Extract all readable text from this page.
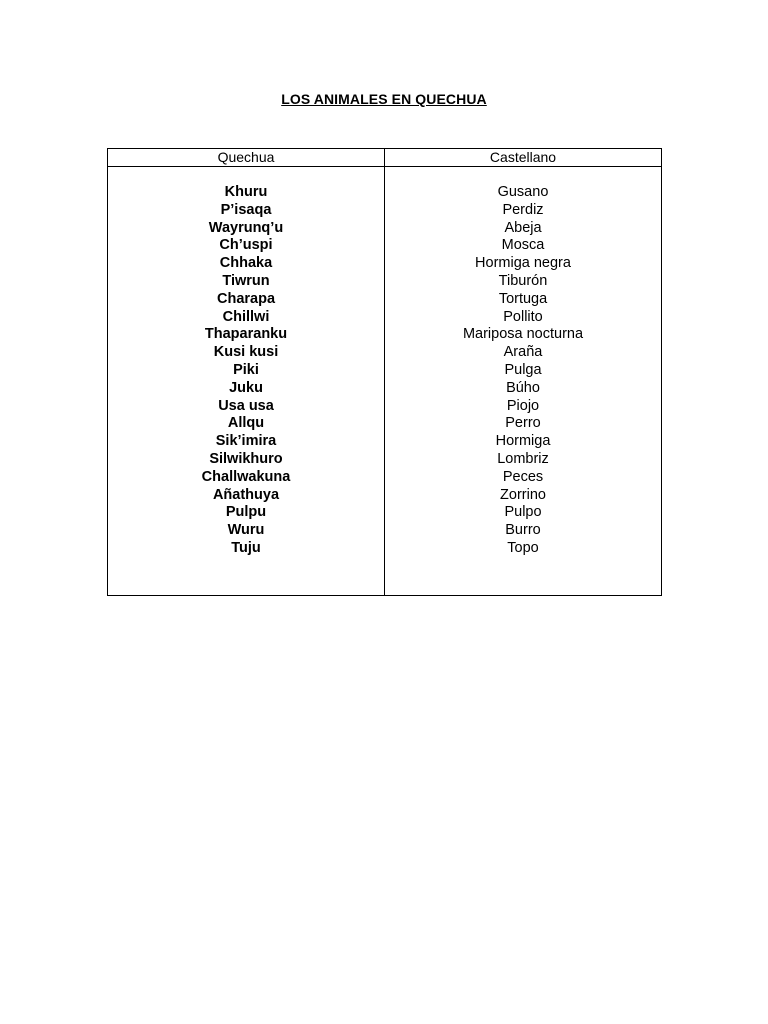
LOS ANIMALES EN QUECHUA
Quechua	Castellano
Khuru
P’isaqa
Wayrunq’u
Ch’uspi
Chhaka
Tiwrun
Charapa
Chillwi
Thaparanku
Kusi kusi
Piki
Juku
Usa usa
Allqu
Sik’imira
Silwikhuro
Challwakuna
Añathuya
Pulpu
Wuru
Tuju
Gusano
Perdiz
Abeja
Mosca
Hormiga negra
Tiburón
Tortuga
Pollito
Mariposa nocturna
Araña
Pulga
Búho
Piojo
Perro
Hormiga
Lombriz
Peces
Zorrino
Pulpo
Burro
Topo
